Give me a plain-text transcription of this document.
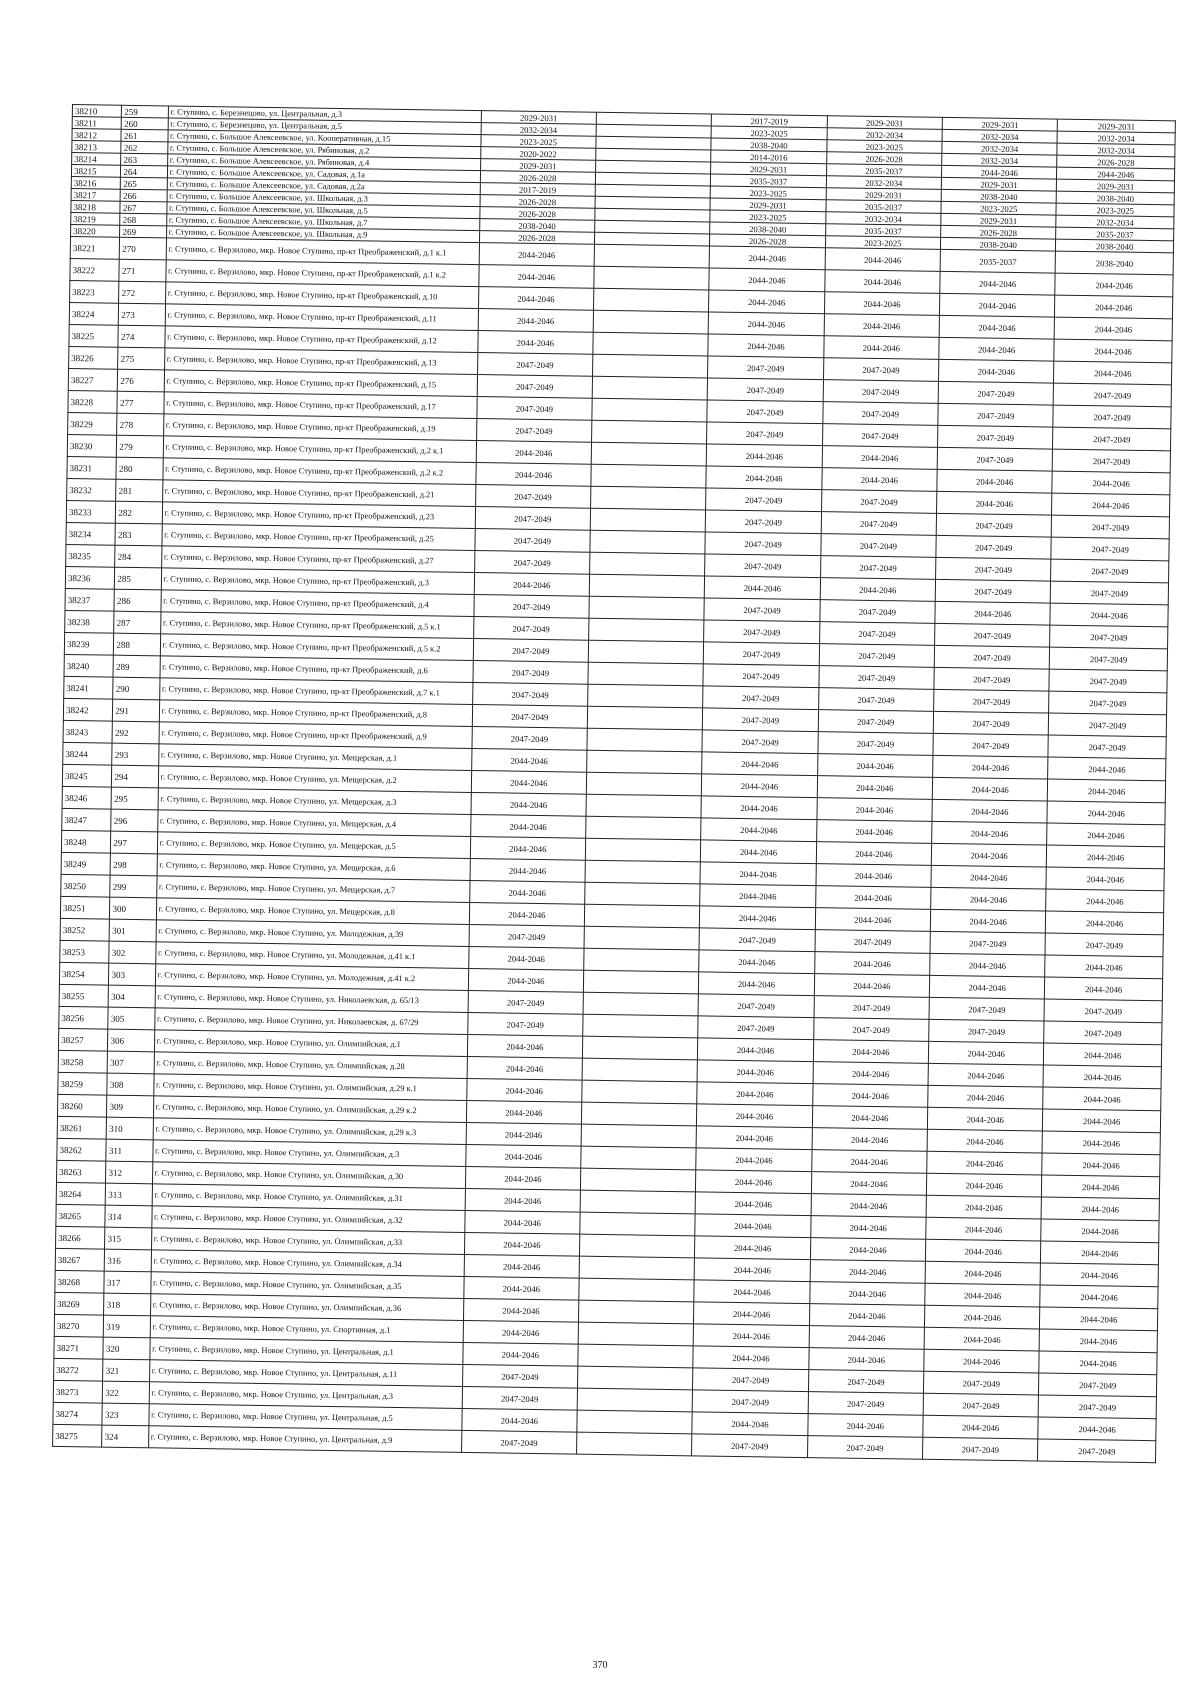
38210	259	г. Ступино, с. Березнецово, ул. Центральная, д.3	2029-2031		2017-2019	2029-2031	2029-2031	2029-2031
38211	260	г. Ступино, с. Березнецово, ул. Центральная, д.5	2032-2034		2023-2025	2032-2034	2032-2034	2032-2034
38212	261	г. Ступино, с. Большое Алексеевское, ул. Кооперативная, д.15	2023-2025		2038-2040	2023-2025	2032-2034	2032-2034
38213	262	г. Ступино, с. Большое Алексеевское, ул. Рябиновая, д.2	2020-2022		2014-2016	2026-2028	2032-2034	2026-2028
38214	263	г. Ступино, с. Большое Алексеевское, ул. Рябиновая, д.4	2029-2031		2029-2031	2035-2037	2044-2046	2044-2046
38215	264	г. Ступино, с. Большое Алексеевское, ул. Садовая, д.1а	2026-2028		2035-2037	2032-2034	2029-2031	2029-2031
38216	265	г. Ступино, с. Большое Алексеевское, ул. Садовая, д.2а	2017-2019		2023-2025	2029-2031	2038-2040	2038-2040
38217	266	г. Ступино, с. Большое Алексеевское, ул. Школьная, д.3	2026-2028		2029-2031	2035-2037	2023-2025	2023-2025
38218	267	г. Ступино, с. Большое Алексеевское, ул. Школьная, д.5	2026-2028		2023-2025	2032-2034	2029-2031	2032-2034
38219	268	г. Ступино, с. Большое Алексеевское, ул. Школьная, д.7	2038-2040		2038-2040	2035-2037	2026-2028	2035-2037
38220	269	г. Ступино, с. Большое Алексеевское, ул. Школьная, д.9	2026-2028		2026-2028	2023-2025	2038-2040	2038-2040
38221	270	г. Ступино, с. Верзилово, мкр. Новое Ступино, пр-кт Преображенский, д.1 к.1	2044-2046		2044-2046	2044-2046	2035-2037	2038-2040
38222	271	г. Ступино, с. Верзилово, мкр. Новое Ступино, пр-кт Преображенский, д.1 к.2	2044-2046		2044-2046	2044-2046	2044-2046	2044-2046
38223	272	г. Ступино, с. Верзилово, мкр. Новое Ступино, пр-кт Преображенский, д.10	2044-2046		2044-2046	2044-2046	2044-2046	2044-2046
38224	273	г. Ступино, с. Верзилово, мкр. Новое Ступино, пр-кт Преображенский, д.11	2044-2046		2044-2046	2044-2046	2044-2046	2044-2046
38225	274	г. Ступино, с. Верзилово, мкр. Новое Ступино, пр-кт Преображенский, д.12	2044-2046		2044-2046	2044-2046	2044-2046	2044-2046
38226	275	г. Ступино, с. Верзилово, мкр. Новое Ступино, пр-кт Преображенский, д.13	2047-2049		2047-2049	2047-2049	2044-2046	2044-2046
38227	276	г. Ступино, с. Верзилово, мкр. Новое Ступино, пр-кт Преображенский, д.15	2047-2049		2047-2049	2047-2049	2047-2049	2047-2049
38228	277	г. Ступино, с. Верзилово, мкр. Новое Ступино, пр-кт Преображенский, д.17	2047-2049		2047-2049	2047-2049	2047-2049	2047-2049
38229	278	г. Ступино, с. Верзилово, мкр. Новое Ступино, пр-кт Преображенский, д.19	2047-2049		2047-2049	2047-2049	2047-2049	2047-2049
38230	279	г. Ступино, с. Верзилово, мкр. Новое Ступино, пр-кт Преображенский, д.2 к.1	2044-2046		2044-2046	2044-2046	2047-2049	2047-2049
38231	280	г. Ступино, с. Верзилово, мкр. Новое Ступино, пр-кт Преображенский, д.2 к.2	2044-2046		2044-2046	2044-2046	2044-2046	2044-2046
38232	281	г. Ступино, с. Верзилово, мкр. Новое Ступино, пр-кт Преображенский, д.21	2047-2049		2047-2049	2047-2049	2044-2046	2044-2046
38233	282	г. Ступино, с. Верзилово, мкр. Новое Ступино, пр-кт Преображенский, д.23	2047-2049		2047-2049	2047-2049	2047-2049	2047-2049
38234	283	г. Ступино, с. Верзилово, мкр. Новое Ступино, пр-кт Преображенский, д.25	2047-2049		2047-2049	2047-2049	2047-2049	2047-2049
38235	284	г. Ступино, с. Верзилово, мкр. Новое Ступино, пр-кт Преображенский, д.27	2047-2049		2047-2049	2047-2049	2047-2049	2047-2049
38236	285	г. Ступино, с. Верзилово, мкр. Новое Ступино, пр-кт Преображенский, д.3	2044-2046		2044-2046	2044-2046	2047-2049	2047-2049
38237	286	г. Ступино, с. Верзилово, мкр. Новое Ступино, пр-кт Преображенский, д.4	2047-2049		2047-2049	2047-2049	2044-2046	2044-2046
38238	287	г. Ступино, с. Верзилово, мкр. Новое Ступино, пр-кт Преображенский, д.5 к.1	2047-2049		2047-2049	2047-2049	2047-2049	2047-2049
38239	288	г. Ступино, с. Верзилово, мкр. Новое Ступино, пр-кт Преображенский, д.5 к.2	2047-2049		2047-2049	2047-2049	2047-2049	2047-2049
38240	289	г. Ступино, с. Верзилово, мкр. Новое Ступино, пр-кт Преображенский, д.6	2047-2049		2047-2049	2047-2049	2047-2049	2047-2049
38241	290	г. Ступино, с. Верзилово, мкр. Новое Ступино, пр-кт Преображенский, д.7 к.1	2047-2049		2047-2049	2047-2049	2047-2049	2047-2049
38242	291	г. Ступино, с. Верзилово, мкр. Новое Ступино, пр-кт Преображенский, д.8	2047-2049		2047-2049	2047-2049	2047-2049	2047-2049
38243	292	г. Ступино, с. Верзилово, мкр. Новое Ступино, пр-кт Преображенский, д.9	2047-2049		2047-2049	2047-2049	2047-2049	2047-2049
38244	293	г. Ступино, с. Верзилово, мкр. Новое Ступино, ул. Мещерская, д.1	2044-2046		2044-2046	2044-2046	2044-2046	2044-2046
38245	294	г. Ступино, с. Верзилово, мкр. Новое Ступино, ул. Мещерская, д.2	2044-2046		2044-2046	2044-2046	2044-2046	2044-2046
38246	295	г. Ступино, с. Верзилово, мкр. Новое Ступино, ул. Мещерская, д.3	2044-2046		2044-2046	2044-2046	2044-2046	2044-2046
38247	296	г. Ступино, с. Верзилово, мкр. Новое Ступино, ул. Мещерская, д.4	2044-2046		2044-2046	2044-2046	2044-2046	2044-2046
38248	297	г. Ступино, с. Верзилово, мкр. Новое Ступино, ул. Мещерская, д.5	2044-2046		2044-2046	2044-2046	2044-2046	2044-2046
38249	298	г. Ступино, с. Верзилово, мкр. Новое Ступино, ул. Мещерская, д.6	2044-2046		2044-2046	2044-2046	2044-2046	2044-2046
38250	299	г. Ступино, с. Верзилово, мкр. Новое Ступино, ул. Мещерская, д.7	2044-2046		2044-2046	2044-2046	2044-2046	2044-2046
38251	300	г. Ступино, с. Верзилово, мкр. Новое Ступино, ул. Мещерская, д.8	2044-2046		2044-2046	2044-2046	2044-2046	2044-2046
38252	301	г. Ступино, с. Верзилово, мкр. Новое Ступино, ул. Молодежная, д.39	2047-2049		2047-2049	2047-2049	2047-2049	2047-2049
38253	302	г. Ступино, с. Верзилово, мкр. Новое Ступино, ул. Молодежная, д.41 к.1	2044-2046		2044-2046	2044-2046	2044-2046	2044-2046
38254	303	г. Ступино, с. Верзилово, мкр. Новое Ступино, ул. Молодежная, д.41 к.2	2044-2046		2044-2046	2044-2046	2044-2046	2044-2046
38255	304	г. Ступино, с. Верзилово, мкр. Новое Ступино, ул. Николаевская, д. 65/13	2047-2049		2047-2049	2047-2049	2047-2049	2047-2049
38256	305	г. Ступино, с. Верзилово, мкр. Новое Ступино, ул. Николаевская, д. 67/29	2047-2049		2047-2049	2047-2049	2047-2049	2047-2049
38257	306	г. Ступино, с. Верзилово, мкр. Новое Ступино, ул. Олимпийская, д.1	2044-2046		2044-2046	2044-2046	2044-2046	2044-2046
38258	307	г. Ступино, с. Верзилово, мкр. Новое Ступино, ул. Олимпийская, д.28	2044-2046		2044-2046	2044-2046	2044-2046	2044-2046
38259	308	г. Ступино, с. Верзилово, мкр. Новое Ступино, ул. Олимпийская, д.29 к.1	2044-2046		2044-2046	2044-2046	2044-2046	2044-2046
38260	309	г. Ступино, с. Верзилово, мкр. Новое Ступино, ул. Олимпийская, д.29 к.2	2044-2046		2044-2046	2044-2046	2044-2046	2044-2046
38261	310	г. Ступино, с. Верзилово, мкр. Новое Ступино, ул. Олимпийская, д.29 к.3	2044-2046		2044-2046	2044-2046	2044-2046	2044-2046
38262	311	г. Ступино, с. Верзилово, мкр. Новое Ступино, ул. Олимпийская, д.3	2044-2046		2044-2046	2044-2046	2044-2046	2044-2046
38263	312	г. Ступино, с. Верзилово, мкр. Новое Ступино, ул. Олимпийская, д.30	2044-2046		2044-2046	2044-2046	2044-2046	2044-2046
38264	313	г. Ступино, с. Верзилово, мкр. Новое Ступино, ул. Олимпийская, д.31	2044-2046		2044-2046	2044-2046	2044-2046	2044-2046
38265	314	г. Ступино, с. Верзилово, мкр. Новое Ступино, ул. Олимпийская, д.32	2044-2046		2044-2046	2044-2046	2044-2046	2044-2046
38266	315	г. Ступино, с. Верзилово, мкр. Новое Ступино, ул. Олимпийская, д.33	2044-2046		2044-2046	2044-2046	2044-2046	2044-2046
38267	316	г. Ступино, с. Верзилово, мкр. Новое Ступино, ул. Олимпийская, д.34	2044-2046		2044-2046	2044-2046	2044-2046	2044-2046
38268	317	г. Ступино, с. Верзилово, мкр. Новое Ступино, ул. Олимпийская, д.35	2044-2046		2044-2046	2044-2046	2044-2046	2044-2046
38269	318	г. Ступино, с. Верзилово, мкр. Новое Ступино, ул. Олимпийская, д.36	2044-2046		2044-2046	2044-2046	2044-2046	2044-2046
38270	319	г. Ступино, с. Верзилово, мкр. Новое Ступино, ул. Спортивная, д.1	2044-2046		2044-2046	2044-2046	2044-2046	2044-2046
38271	320	г. Ступино, с. Верзилово, мкр. Новое Ступино, ул. Центральная, д.1	2044-2046		2044-2046	2044-2046	2044-2046	2044-2046
38272	321	г. Ступино, с. Верзилово, мкр. Новое Ступино, ул. Центральная, д.11	2047-2049		2047-2049	2047-2049	2047-2049	2047-2049
38273	322	г. Ступино, с. Верзилово, мкр. Новое Ступино, ул. Центральная, д.3	2047-2049		2047-2049	2047-2049	2047-2049	2047-2049
38274	323	г. Ступино, с. Верзилово, мкр. Новое Ступино, ул. Центральная, д.5	2044-2046		2044-2046	2044-2046	2044-2046	2044-2046
38275	324	г. Ступино, с. Верзилово, мкр. Новое Ступино, ул. Центральная, д.9	2047-2049		2047-2049	2047-2049	2047-2049	2047-2049
370
